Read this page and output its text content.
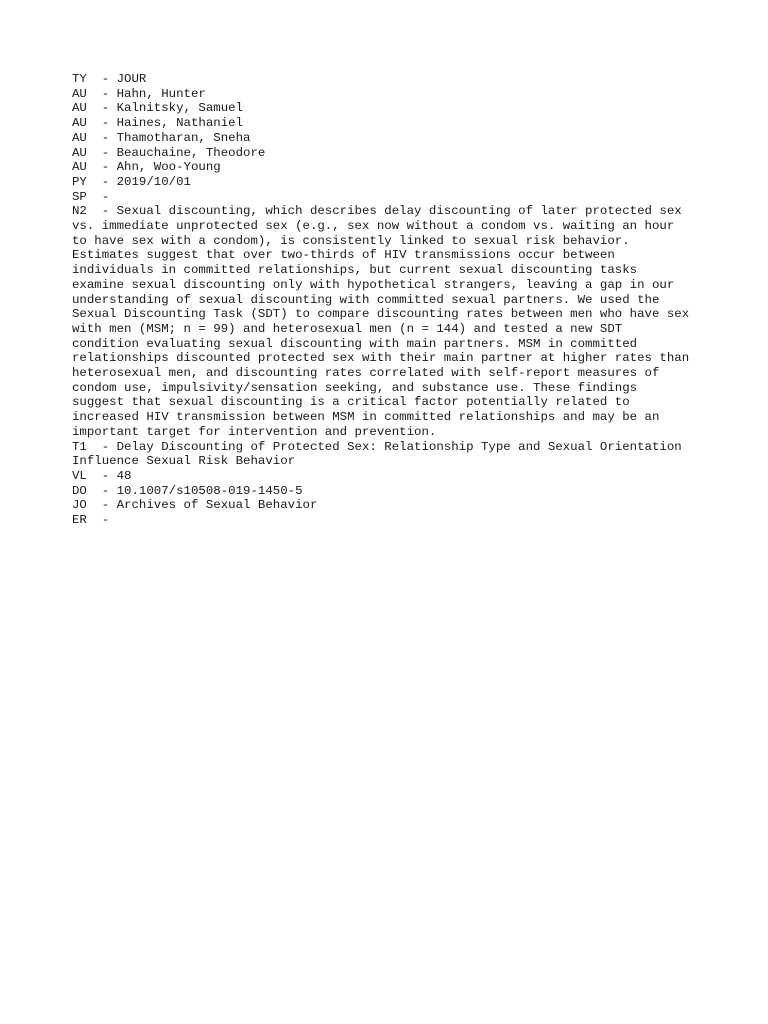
TY  - JOUR
AU  - Hahn, Hunter
AU  - Kalnitsky, Samuel
AU  - Haines, Nathaniel
AU  - Thamotharan, Sneha
AU  - Beauchaine, Theodore
AU  - Ahn, Woo-Young
PY  - 2019/10/01
SP  -
N2  - Sexual discounting, which describes delay discounting of later protected sex
vs. immediate unprotected sex (e.g., sex now without a condom vs. waiting an hour
to have sex with a condom), is consistently linked to sexual risk behavior.
Estimates suggest that over two-thirds of HIV transmissions occur between
individuals in committed relationships, but current sexual discounting tasks
examine sexual discounting only with hypothetical strangers, leaving a gap in our
understanding of sexual discounting with committed sexual partners. We used the
Sexual Discounting Task (SDT) to compare discounting rates between men who have sex
with men (MSM; n = 99) and heterosexual men (n = 144) and tested a new SDT
condition evaluating sexual discounting with main partners. MSM in committed
relationships discounted protected sex with their main partner at higher rates than
heterosexual men, and discounting rates correlated with self-report measures of
condom use, impulsivity/sensation seeking, and substance use. These findings
suggest that sexual discounting is a critical factor potentially related to
increased HIV transmission between MSM in committed relationships and may be an
important target for intervention and prevention.
T1  - Delay Discounting of Protected Sex: Relationship Type and Sexual Orientation
Influence Sexual Risk Behavior
VL  - 48
DO  - 10.1007/s10508-019-1450-5
JO  - Archives of Sexual Behavior
ER  -
